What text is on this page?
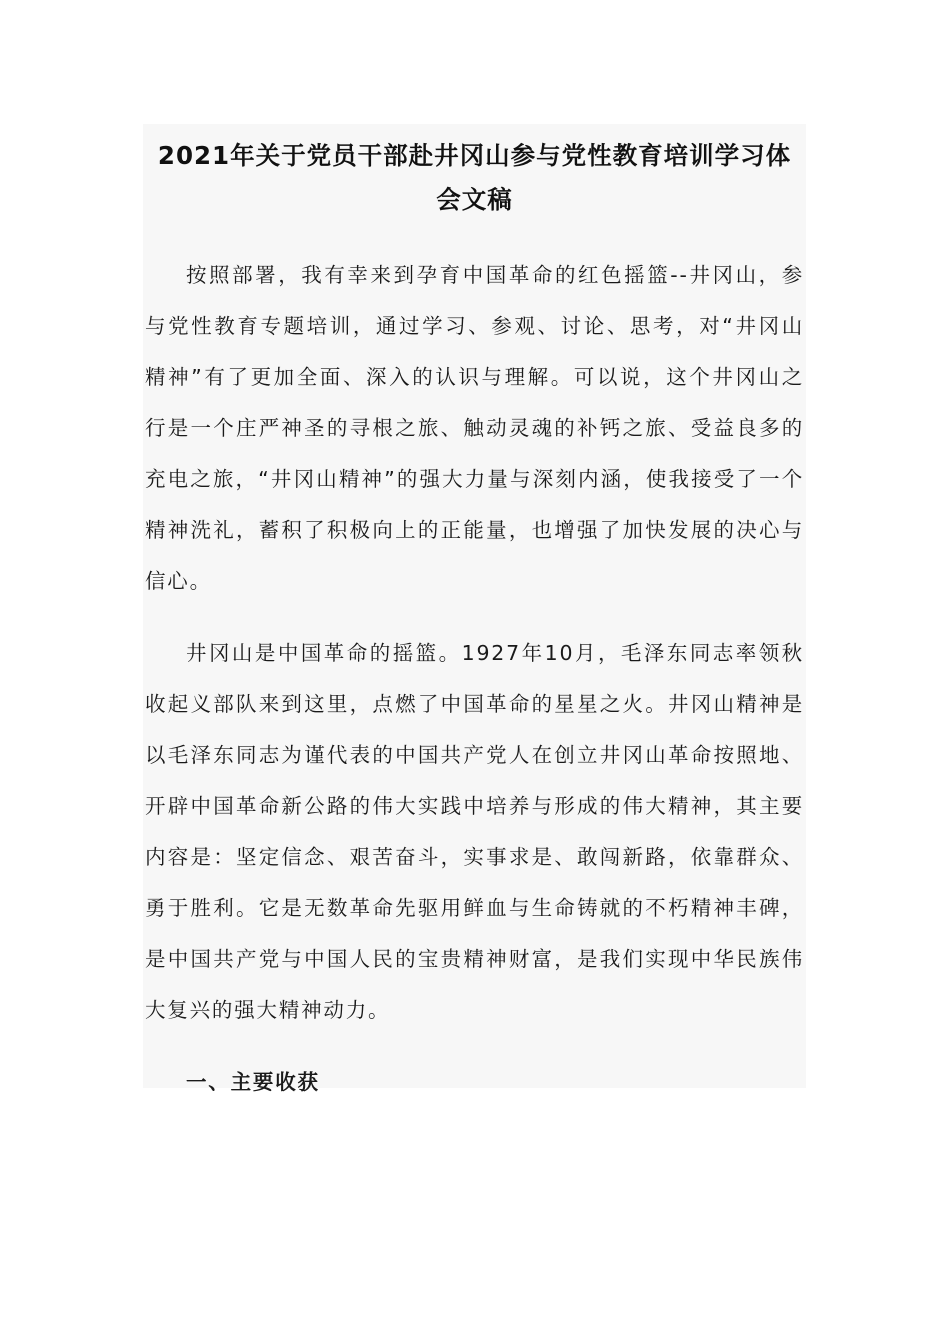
2021年关于党员干部赴井冈山参与党性教育培训学习体会文稿

按照部署，我有幸来到孕育中国革命的红色摇篮--井冈山，参与党性教育专题培训，通过学习、参观、讨论、思考，对“井冈山精神”有了更加全面、深入的认识与理解。可以说，这个井冈山之行是一个庄严神圣的寻根之旅、触动灵魂的补钙之旅、受益良多的充电之旅，“井冈山精神”的强大力量与深刻内涵，使我接受了一个精神洗礼，蓄积了积极向上的正能量，也增强了加快发展的决心与信心。

井冈山是中国革命的摇篮。1927年10月，毛泽东同志率领秋收起义部队来到这里，点燃了中国革命的星星之火。井冈山精神是以毛泽东同志为谨代表的中国共产党人在创立井冈山革命按照地、开辟中国革命新公路的伟大实践中培养与形成的伟大精神，其主要内容是：坚定信念、艰苦奋斗，实事求是、敢闯新路，依靠群众、勇于胜利。它是无数革命先驱用鲜血与生命铸就的不朽精神丰碑，是中国共产党与中国人民的宝贵精神财富，是我们实现中华民族伟大复兴的强大精神动力。

一、主要收获
